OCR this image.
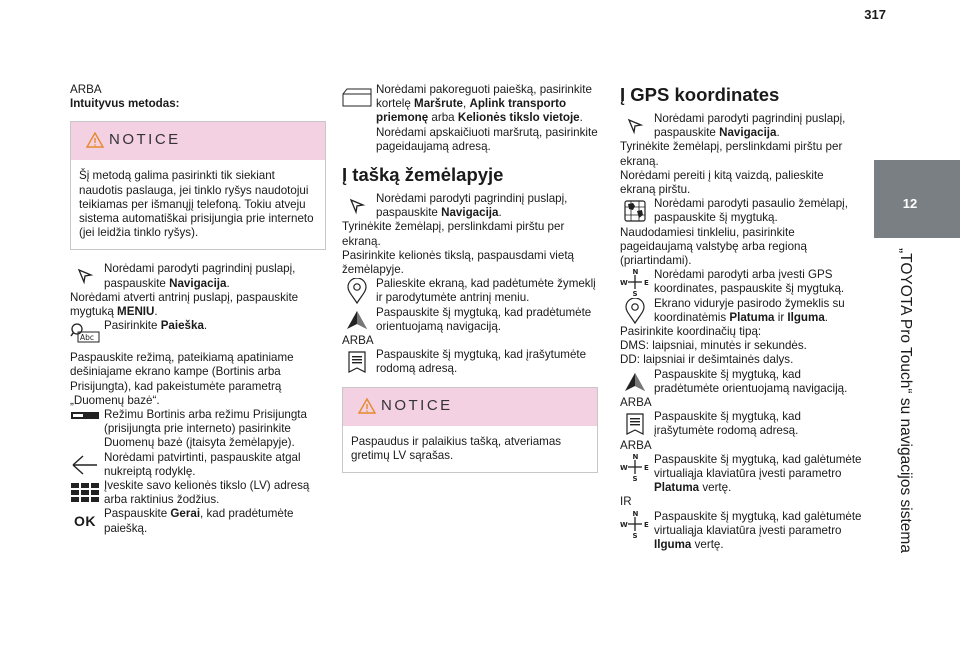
317
12
„TOYOTA Pro Touch“ su navigacijos sistema

ARBA

Intuityvus metodas:

NOTICE
Šį metodą galima pasirinkti tik siekiant naudotis paslauga, jei tinklo ryšys naudotojui teikiamas per išmanųjį telefoną. Tokiu atveju sistema automatiškai prisijungia prie interneto (jei leidžia tinklo ryšys).
Norėdami parodyti pagrindinį puslapį, paspauskite Navigacija.

Norėdami atverti antrinį puslapį, paspauskite mygtuką MENIU.

Abc
Pasirinkite Paieška.

Paspauskite režimą, pateikiamą apatiniame dešiniajame ekrano kampe (Bortinis arba Prisijungta), kad pakeistumėte parametrą „Duomenų bazė“.

Režimu Bortinis arba režimu Prisijungta (prisijungta prie interneto) pasirinkite Duomenų bazė (įtaisyta žemėlapyje).
Norėdami patvirtinti, paspauskite atgal nukreiptą rodyklę.
Įveskite savo kelionės tikslo (LV) adresą arba raktinius žodžius.
OK Paspauskite Gerai, kad pradėtumėte paiešką.
Norėdami pakoreguoti paiešką, pasirinkite kortelę Maršrute, Aplink transporto priemonę arba Kelionės tikslo vietoje. Norėdami apskaičiuoti maršrutą, pasirinkite pageidaujamą adresą.
Į tašką žemėlapyje
Norėdami parodyti pagrindinį puslapį, paspauskite Navigacija.

Tyrinėkite žemėlapį, perslinkdami pirštu per ekraną.

Pasirinkite kelionės tikslą, paspausdami vietą žemėlapyje.

Palieskite ekraną, kad padėtumėte žymeklį ir parodytumėte antrinį meniu.
Paspauskite šį mygtuką, kad pradėtumėte orientuojamą navigaciją.

ARBA

Paspauskite šį mygtuką, kad įrašytumėte rodomą adresą.
NOTICE
Paspaudus ir palaikius tašką, atveriamas gretimų LV sąrašas.
Į GPS koordinates
Norėdami parodyti pagrindinį puslapį, paspauskite Navigacija.

Tyrinėkite žemėlapį, perslinkdami pirštu per ekraną.

Norėdami pereiti į kitą vaizdą, palieskite ekraną pirštu.

Norėdami parodyti pasaulio žemėlapį, paspauskite šį mygtuką.

Naudodamiesi tinkleliu, pasirinkite pageidaujamą valstybę arba regioną (priartindami).

N
S
W E
Norėdami parodyti arba įvesti GPS koordinates, paspauskite šį mygtuką.
Ekrano viduryje pasirodo žymeklis su koordinatėmis Platuma ir Ilguma.

Pasirinkite koordinačių tipą:

DMS: laipsniai, minutės ir sekundės.

DD: laipsniai ir dešimtainės dalys.

Paspauskite šį mygtuką, kad pradėtumėte orientuojamą navigaciją.

ARBA

Paspauskite šį mygtuką, kad įrašytumėte rodomą adresą.

ARBA

N
S
W E
Paspauskite šį mygtuką, kad galėtumėte virtualiąja klaviatūra įvesti parametro Platuma vertę.

IR

N
S
W E
Paspauskite šį mygtuką, kad galėtumėte virtualiąja klaviatūra įvesti parametro Ilguma vertę.
